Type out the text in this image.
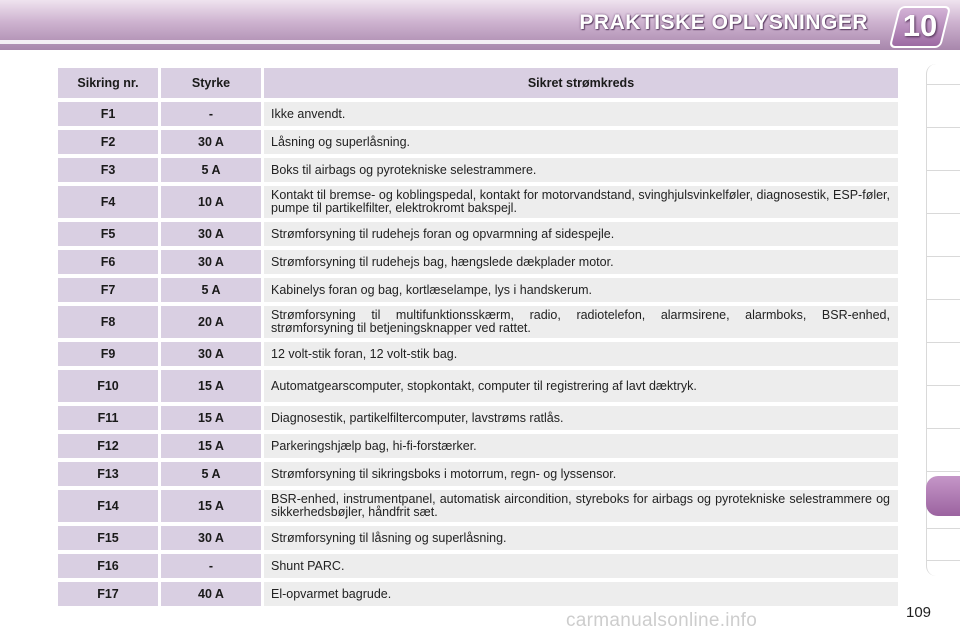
PRAKTISKE OPLYSNINGER 10
Sikring nr.	Styrke	Sikret strømkreds
F1	-	Ikke anvendt.
F2	30 A	Låsning og superlåsning.
F3	5 A	Boks til airbags og pyrotekniske selestrammere.
F4	10 A	Kontakt til bremse- og koblingspedal, kontakt for motorvandstand, svinghjulsvinkelføler, diagnosestik, ESP-føler, pumpe til partikelfilter, elektrokromt bakspejl.
F5	30 A	Strømforsyning til rudehejs foran og opvarmning af sidespejle.
F6	30 A	Strømforsyning til rudehejs bag, hængslede dækplader motor.
F7	5 A	Kabinelys foran og bag, kortlæselampe, lys i handskerum.
F8	20 A	Strømforsyning til multifunktionsskærm, radio, radiotelefon, alarmsirene, alarmboks, BSR-enhed, strømforsyning til betjeningsknapper ved rattet.
F9	30 A	12 volt-stik foran, 12 volt-stik bag.
F10	15 A	Automatgearscomputer, stopkontakt, computer til registrering af lavt dæktryk.
F11	15 A	Diagnosestik, partikelfiltercomputer, lavstrøms ratlås.
F12	15 A	Parkeringshjælp bag, hi-fi-forstærker.
F13	5 A	Strømforsyning til sikringsboks i motorrum, regn- og lyssensor.
F14	15 A	BSR-enhed, instrumentpanel, automatisk aircondition, styreboks for airbags og pyrotekniske selestrammere og sikkerhedsbøjler, håndfrit sæt.
F15	30 A	Strømforsyning til låsning og superlåsning.
F16	-	Shunt PARC.
F17	40 A	El-opvarmet bagrude.
carmanualsonline.info	109
